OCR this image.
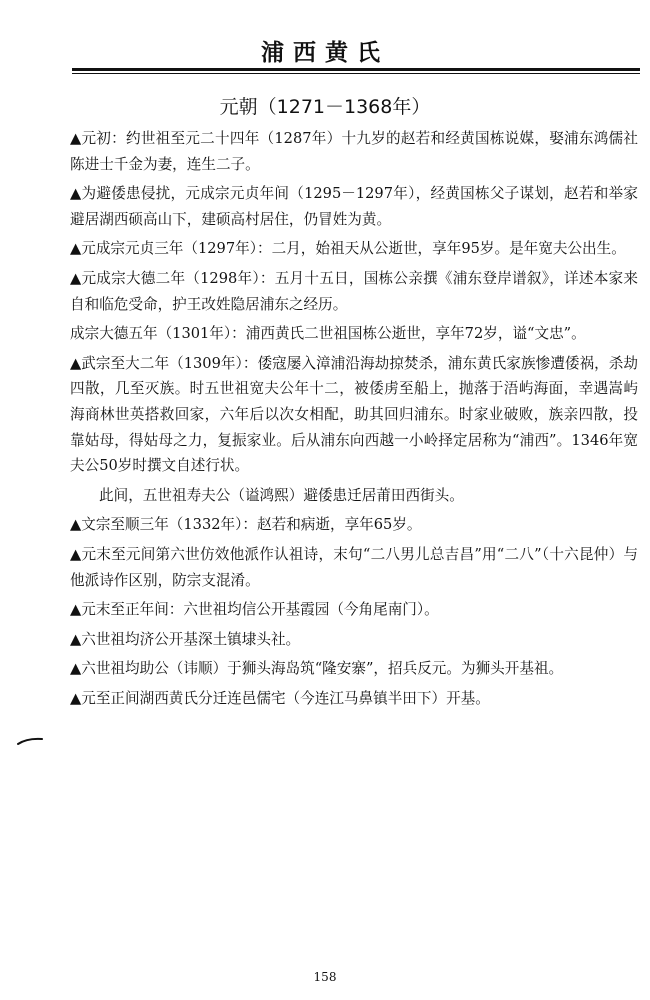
浦西黄氏
元朝（1271－1368年）

▲元初：约世祖至元二十四年（1287年）十九岁的赵若和经黄国栋说媒，娶浦东鸿儒社陈进士千金为妻，连生二子。

▲为避倭患侵扰，元成宗元贞年间（1295－1297年），经黄国栋父子谋划，赵若和举家避居湖西硕高山下，建硕高村居住，仍冒姓为黄。

▲元成宗元贞三年（1297年）：二月，始祖天从公逝世，享年95岁。是年宽夫公出生。

▲元成宗大德二年（1298年）：五月十五日，国栋公亲撰《浦东登岸谱叙》，详述本家来自和临危受命，护王改姓隐居浦东之经历。

成宗大德五年（1301年）：浦西黄氏二世祖国栋公逝世，享年72岁，谥“文忠”。

▲武宗至大二年（1309年）：倭寇屡入漳浦沿海劫掠焚杀，浦东黄氏家族惨遭倭祸，杀劫四散，几至灭族。时五世祖宽夫公年十二，被倭虏至船上，抛落于浯屿海面，幸遇嵩屿海商林世英搭救回家，六年后以次女相配，助其回归浦东。时家业破败，族亲四散，投靠姑母，得姑母之力，复振家业。后从浦东向西越一小岭择定居称为“浦西”。1346年宽夫公50岁时撰文自述行状。

此间，五世祖寿夫公（谥鸿熙）避倭患迁居莆田西街头。

▲文宗至顺三年（1332年）：赵若和病逝，享年65岁。

▲元末至元间第六世仿效他派作认祖诗，末句“二八男儿总吉昌”用“二八”（十六昆仲）与他派诗作区别，防宗支混淆。

▲元末至正年间：六世祖均信公开基霞园（今角尾南门）。

▲六世祖均济公开基深土镇埭头社。

▲六世祖均助公（讳顺）于狮头海岛筑“隆安寨”，招兵反元。为狮头开基祖。

▲元至正间湖西黄氏分迁连邑儒宅（今连江马鼻镇半田下）开基。

158
